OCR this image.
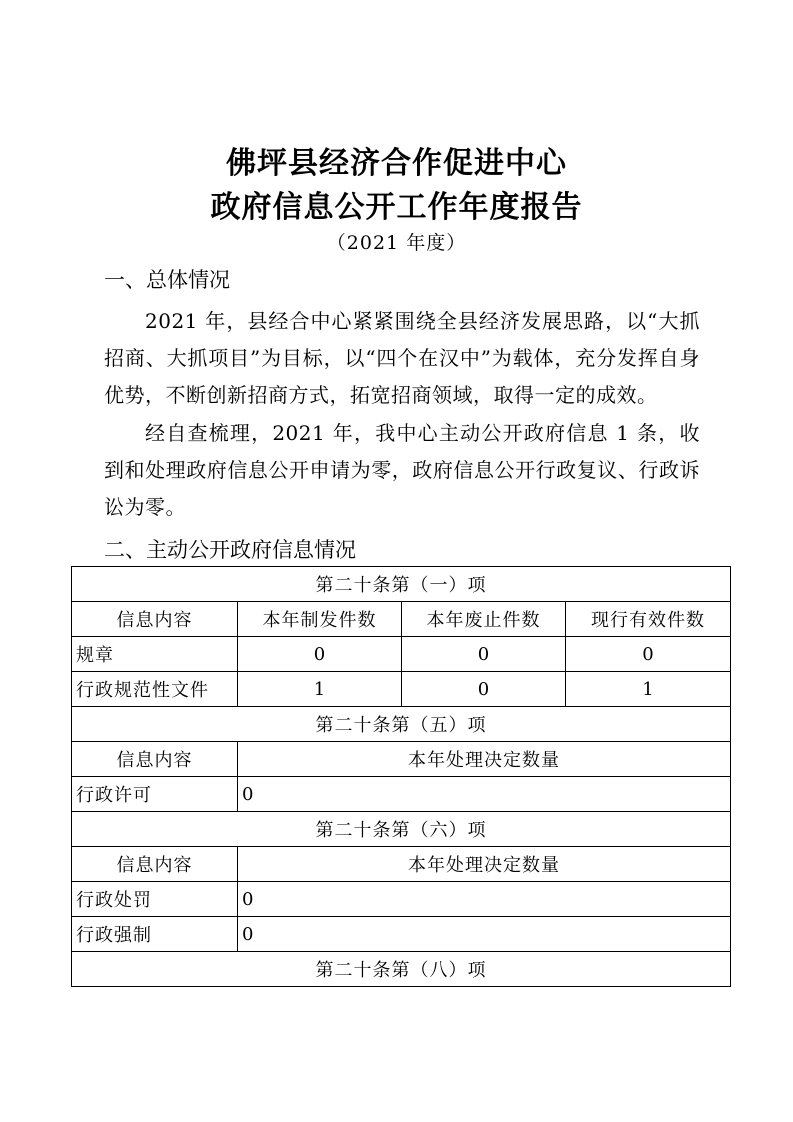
佛坪县经济合作促进中心
政府信息公开工作年度报告
（2021 年度）
一、总体情况
2021 年，县经合中心紧紧围绕全县经济发展思路，以“大抓招商、大抓项目”为目标，以“四个在汉中”为载体，充分发挥自身优势，不断创新招商方式，拓宽招商领域，取得一定的成效。
经自查梳理，2021 年，我中心主动公开政府信息 1 条，收到和处理政府信息公开申请为零，政府信息公开行政复议、行政诉讼为零。
二、主动公开政府信息情况
第二十条第（一）项			
信息内容	本年制发件数	本年废止件数	现行有效件数
规章	0	0	0
行政规范性文件	1	0	1
第二十条第（五）项			
信息内容	本年处理决定数量		
行政许可	0		
第二十条第（六）项			
信息内容	本年处理决定数量		
行政处罚	0		
行政强制	0		
第二十条第（八）项			
